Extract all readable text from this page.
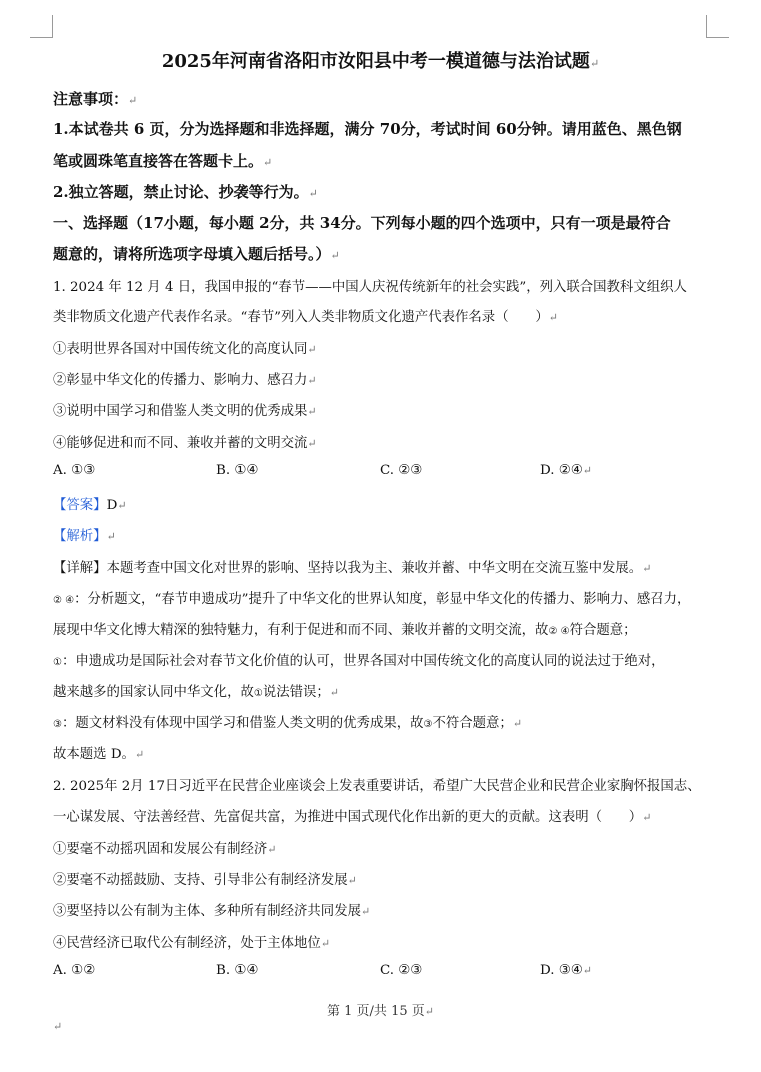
2025年河南省洛阳市汝阳县中考一模道德与法治试题↵
注意事项：↵
1.本试卷共 6 页，分为选择题和非选择题，满分 70分，考试时间 60分钟。请用蓝色、黑色钢
笔或圆珠笔直接答在答题卡上。↵
2.独立答题，禁止讨论、抄袭等行为。↵
一、选择题（17小题，每小题 2分，共 34分。下列每小题的四个选项中，只有一项是最符合
题意的，请将所选项字母填入题后括号。）↵
1. 2024 年 12 月 4 日，我国申报的“春节——中国人庆祝传统新年的社会实践”，列入联合国教科文组织人
类非物质文化遗产代表作名录。“春节”列入人类非物质文化遗产代表作名录（　　）↵
①表明世界各国对中国传统文化的高度认同↵
②彰显中华文化的传播力、影响力、感召力↵
③说明中国学习和借鉴人类文明的优秀成果↵
④能够促进和而不同、兼收并蓄的文明交流↵
A. ①③	B. ①④	C. ②③	D. ②④↵
【答案】D↵
【解析】↵
【详解】本题考查中国文化对世界的影响、坚持以我为主、兼收并蓄、中华文明在交流互鉴中发展。↵
② ④：分析题文，“春节申遗成功”提升了中华文化的世界认知度，彰显中华文化的传播力、影响力、感召力，
展现中华文化博大精深的独特魅力，有利于促进和而不同、兼收并蓄的文明交流，故② ④符合题意；
①：申遗成功是国际社会对春节文化价值的认可，世界各国对中国传统文化的高度认同的说法过于绝对，
越来越多的国家认同中华文化，故①说法错误；↵
③：题文材料没有体现中国学习和借鉴人类文明的优秀成果，故③不符合题意；↵
故本题选 D。↵
2. 2025年 2月 17日习近平在民营企业座谈会上发表重要讲话，希望广大民营企业和民营企业家胸怀报国志、
一心谋发展、守法善经营、先富促共富，为推进中国式现代化作出新的更大的贡献。这表明（　　）↵
①要毫不动摇巩固和发展公有制经济↵
②要毫不动摇鼓励、支持、引导非公有制经济发展↵
③要坚持以公有制为主体、多种所有制经济共同发展↵
④民营经济已取代公有制经济，处于主体地位↵
A. ①②	B. ①④	C. ②③	D. ③④↵
第 1 页/共 15 页↵
↵
